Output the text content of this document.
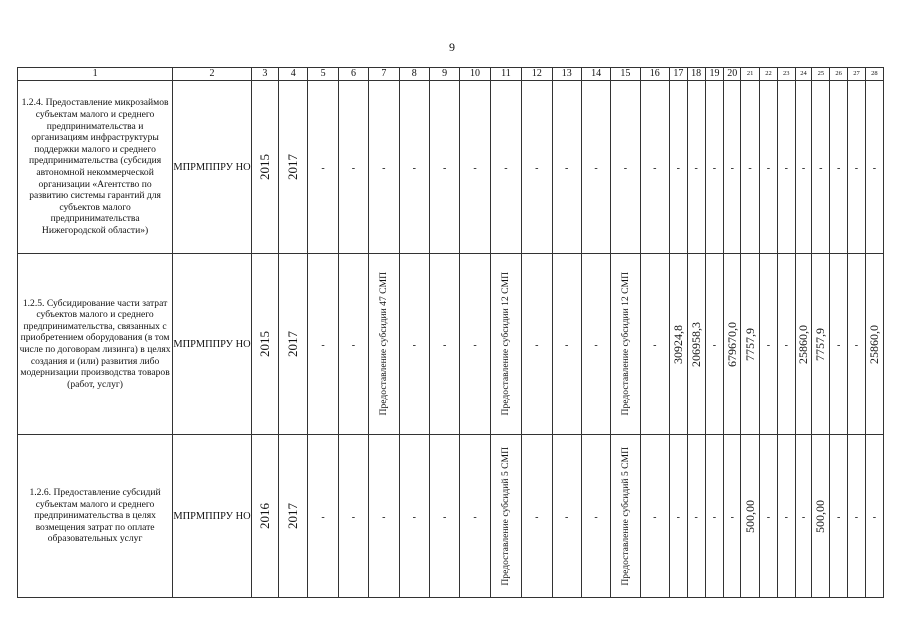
9
1	2	3	4	5	6	7	8	9	10	11	12	13	14	15	16	17	18	19	20	21	22	23	24	25	26	27	28
1.2.4. Предоставление микрозаймов субъектам малого и среднего предпринимательства и организациям инфраструктуры поддержки малого и среднего предпринимательства (субсидия автономной некоммерческой организации «Агентство по развитию системы гарантий для субъектов малого предпринимательства Нижегородской области»)	МПРМППРУ НО	2015	2017	-	-	-	-	-	-	-	-	-	-	-	-	-	-	-	-	-	-	-	-	-	-	-	-
1.2.5. Субсидирование части затрат субъектов малого и среднего предпринимательства, связанных с приобретением оборудования (в том числе по договорам лизинга) в целях создания и (или) развития либо модернизации производства товаров (работ, услуг)	МПРМППРУ НО	2015	2017	-	-	Предоставление субсидии 47 СМП	-	-	-	Предоставление субсидии 12 СМП	-	-	-	Предоставление субсидии 12 СМП	-	30924,8	206958,3	-	679670,0	7757,9	-	-	25860,0	7757,9	-	-	25860,0

1.2.6. Предоставление субсидий субъектам малого и среднего предпринимательства в целях возмещения затрат по оплате образовательных услуг	МПРМППРУ НО	2016	2017	-	-	-	-	-	-	Предоставление субсидий 5 СМП	-	-	-	Предоставление субсидий 5 СМП	-	-	-	-	-	500,00	-	-	-	500,00	-	-	-
